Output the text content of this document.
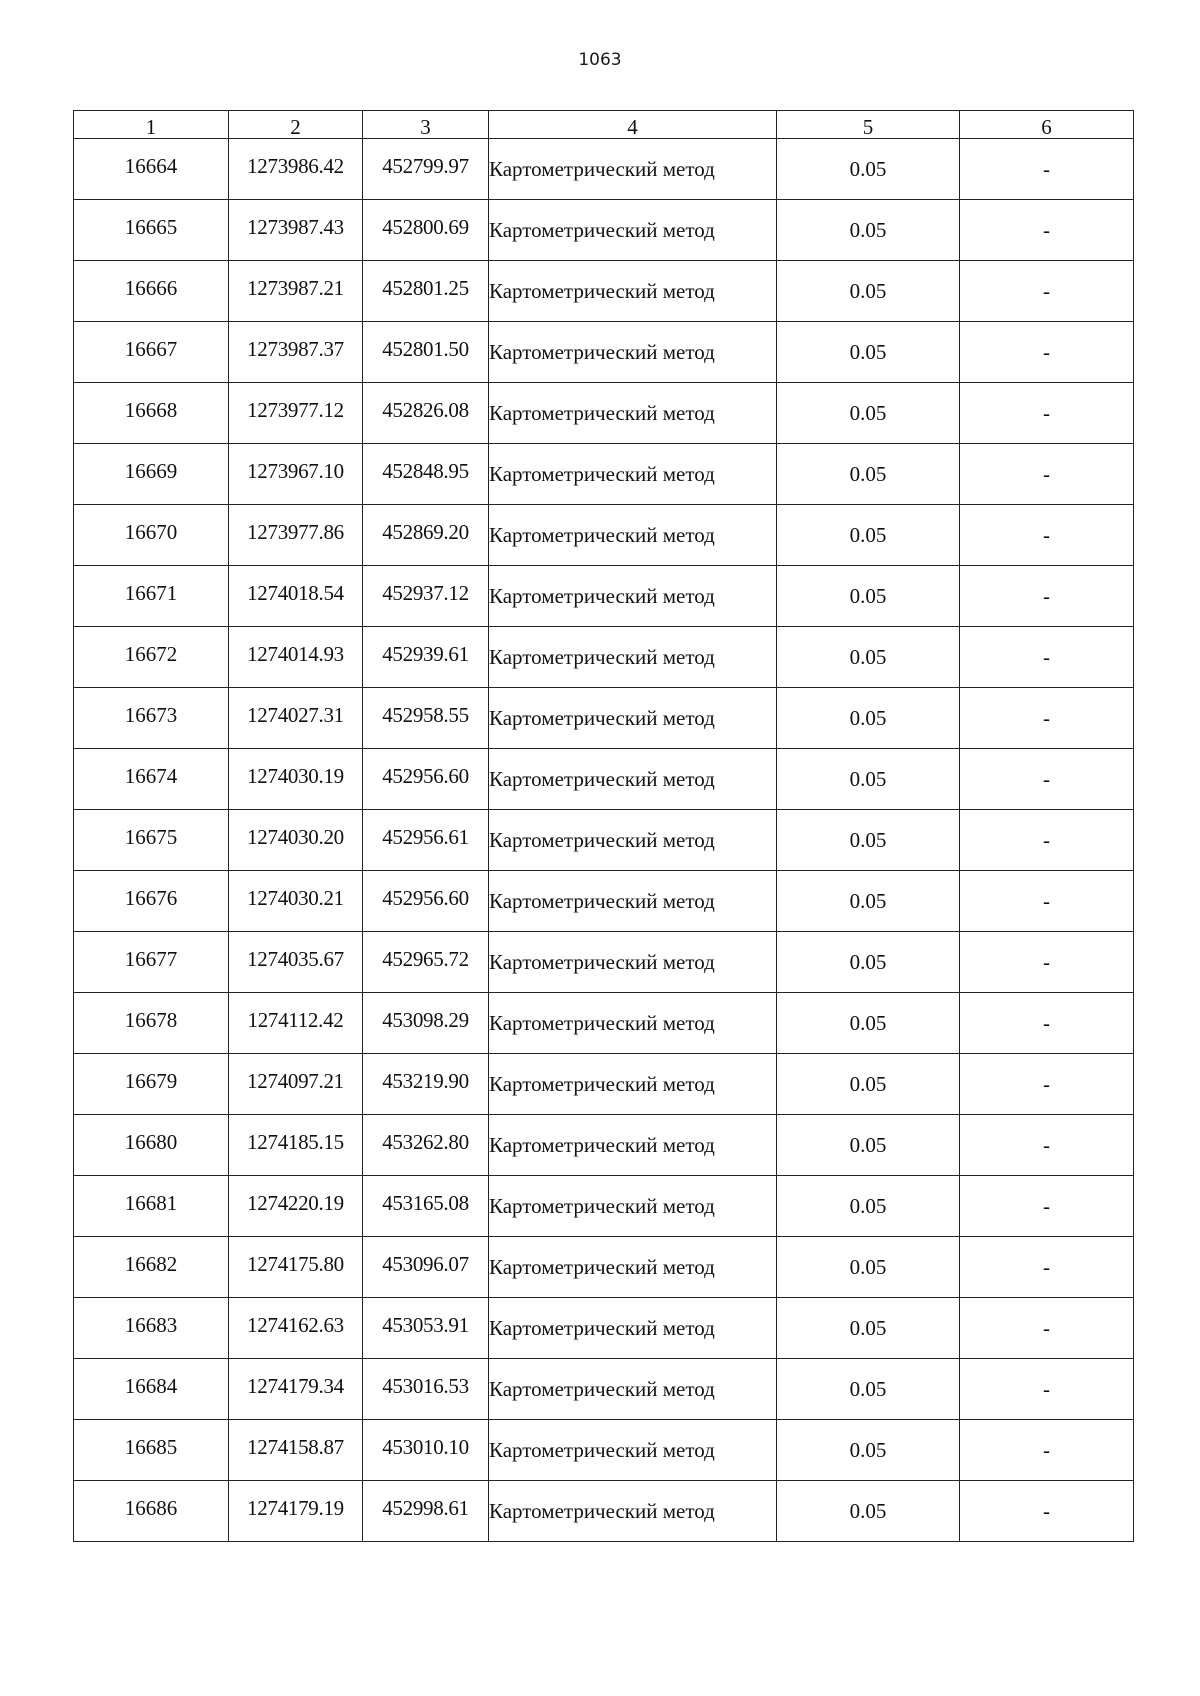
1063
1	2	3	4	5	6
16664	1273986.42	452799.97	Картометрический метод	0.05	-
16665	1273987.43	452800.69	Картометрический метод	0.05	-
16666	1273987.21	452801.25	Картометрический метод	0.05	-
16667	1273987.37	452801.50	Картометрический метод	0.05	-
16668	1273977.12	452826.08	Картометрический метод	0.05	-
16669	1273967.10	452848.95	Картометрический метод	0.05	-
16670	1273977.86	452869.20	Картометрический метод	0.05	-
16671	1274018.54	452937.12	Картометрический метод	0.05	-
16672	1274014.93	452939.61	Картометрический метод	0.05	-
16673	1274027.31	452958.55	Картометрический метод	0.05	-
16674	1274030.19	452956.60	Картометрический метод	0.05	-
16675	1274030.20	452956.61	Картометрический метод	0.05	-
16676	1274030.21	452956.60	Картометрический метод	0.05	-
16677	1274035.67	452965.72	Картометрический метод	0.05	-
16678	1274112.42	453098.29	Картометрический метод	0.05	-
16679	1274097.21	453219.90	Картометрический метод	0.05	-
16680	1274185.15	453262.80	Картометрический метод	0.05	-
16681	1274220.19	453165.08	Картометрический метод	0.05	-
16682	1274175.80	453096.07	Картометрический метод	0.05	-
16683	1274162.63	453053.91	Картометрический метод	0.05	-
16684	1274179.34	453016.53	Картометрический метод	0.05	-
16685	1274158.87	453010.10	Картометрический метод	0.05	-
16686	1274179.19	452998.61	Картометрический метод	0.05	-
